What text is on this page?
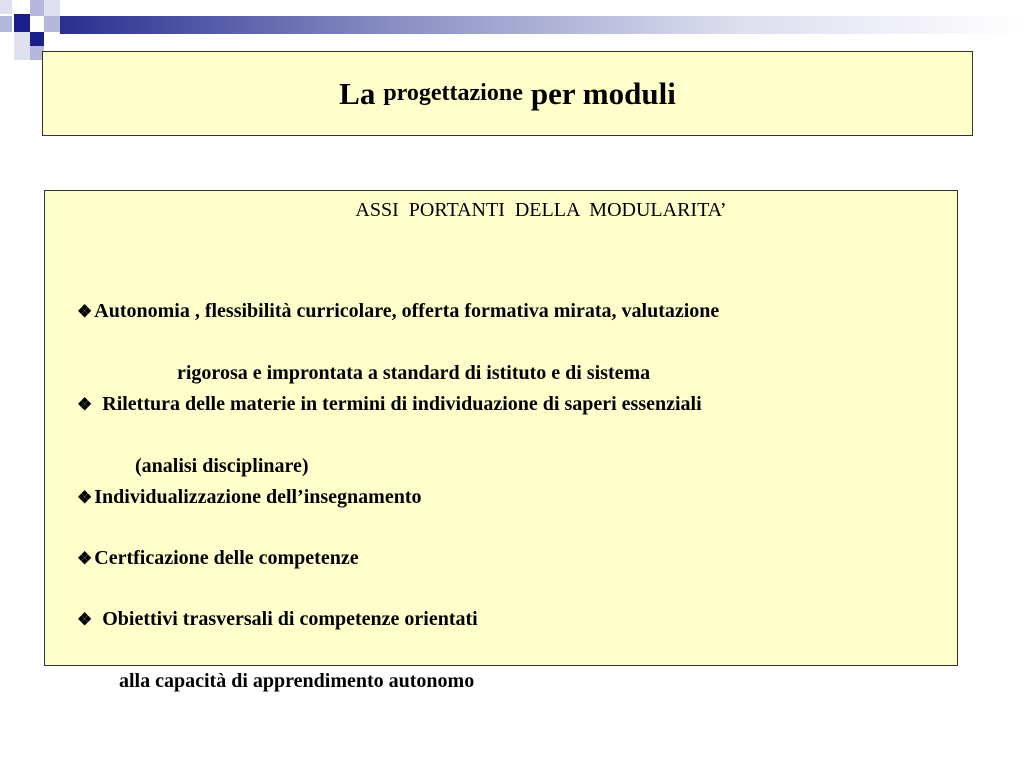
La progettazione per moduli
ASSI  PORTANTI  DELLA  MODULARITA’

❖ Autonomia , flessibilità curricolare, offerta formativa mirata, valutazione

rigorosa e improntata a standard di istituto e di sistema

❖ Rilettura delle materie in termini di individuazione di saperi essenziali

(analisi disciplinare)

❖ Individualizzazione dell’insegnamento

❖ Certficazione delle competenze

❖ Obiettivi trasversali di competenze orientati

alla capacità di apprendimento autonomo
